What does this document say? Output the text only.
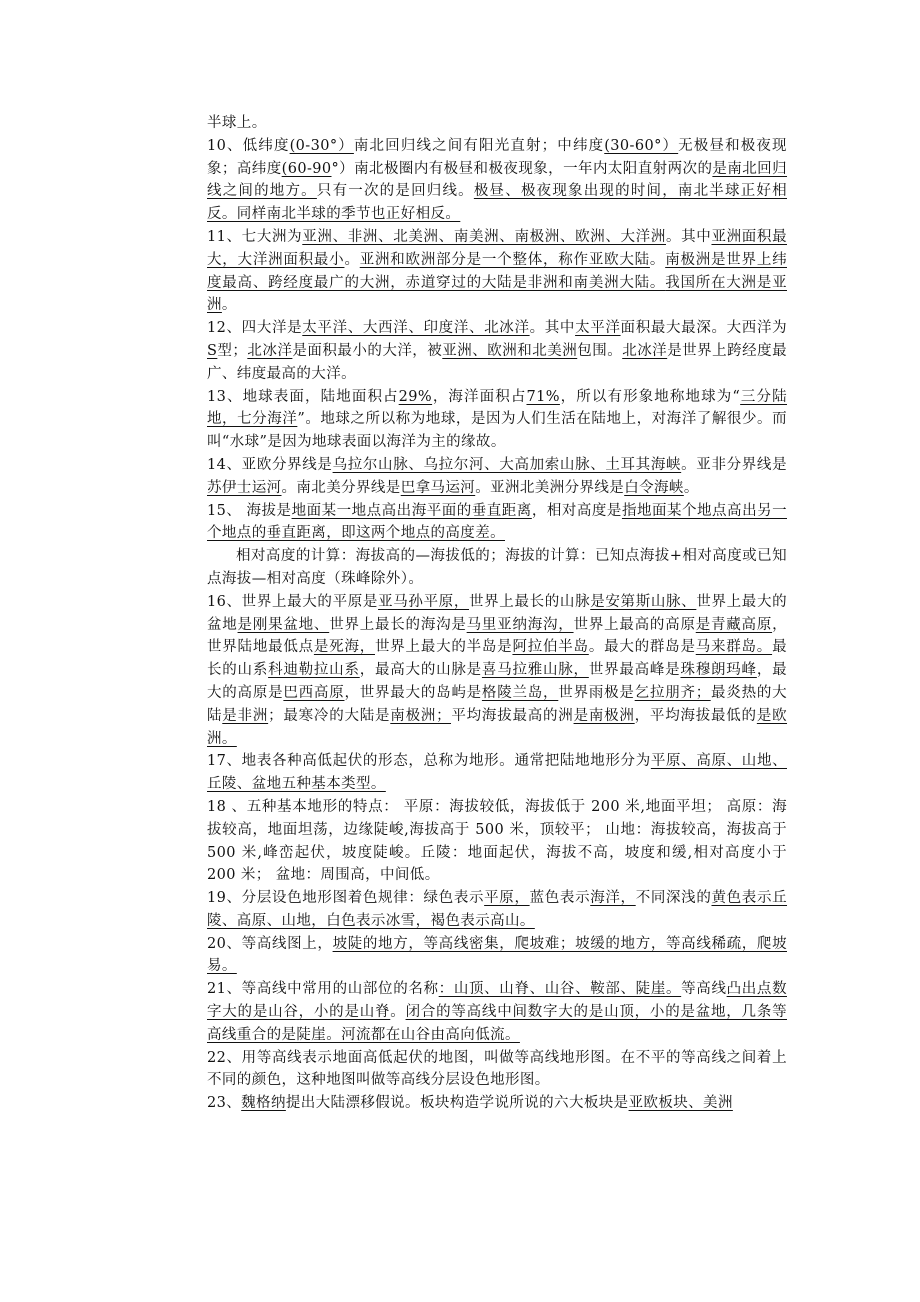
半球上。

10、低纬度(0-30°）南北回归线之间有阳光直射；中纬度(30-60°）无极昼和极夜现象；高纬度(60-90°）南北极圈内有极昼和极夜现象，一年内太阳直射两次的是南北回归线之间的地方。只有一次的是回归线。极昼、极夜现象出现的时间，南北半球正好相反。同样南北半球的季节也正好相反。

11、七大洲为亚洲、非洲、北美洲、南美洲、南极洲、欧洲、大洋洲。其中亚洲面积最大，大洋洲面积最小。亚洲和欧洲部分是一个整体，称作亚欧大陆。南极洲是世界上纬度最高、跨经度最广的大洲，赤道穿过的大陆是非洲和南美洲大陆。我国所在大洲是亚洲。

12、四大洋是太平洋、大西洋、印度洋、北冰洋。其中太平洋面积最大最深。大西洋为S型；北冰洋是面积最小的大洋，被亚洲、欧洲和北美洲包围。北冰洋是世界上跨经度最广、纬度最高的大洋。

13、地球表面，陆地面积占29%，海洋面积占71%，所以有形象地称地球为“三分陆地，七分海洋”。地球之所以称为地球，是因为人们生活在陆地上，对海洋了解很少。而叫“水球”是因为地球表面以海洋为主的缘故。

14、亚欧分界线是乌拉尔山脉、乌拉尔河、大高加索山脉、土耳其海峡。亚非分界线是苏伊士运河。南北美分界线是巴拿马运河。亚洲北美洲分界线是白令海峡。

15、 海拔是地面某一地点高出海平面的垂直距离，相对高度是指地面某个地点高出另一个地点的垂直距离，即这两个地点的高度差。

相对高度的计算：海拔高的—海拔低的；海拔的计算：已知点海拔+相对高度或已知点海拔—相对高度（珠峰除外）。

16、世界上最大的平原是亚马孙平原，世界上最长的山脉是安第斯山脉、世界上最大的盆地是刚果盆地、世界上最长的海沟是马里亚纳海沟，世界上最高的高原是青藏高原，世界陆地最低点是死海，世界上最大的半岛是阿拉伯半岛。最大的群岛是马来群岛。最长的山系科迪勒拉山系，最高大的山脉是喜马拉雅山脉，世界最高峰是珠穆朗玛峰，最大的高原是巴西高原，世界最大的岛屿是格陵兰岛，世界雨极是乞拉朋齐；最炎热的大陆是非洲；最寒冷的大陆是南极洲；平均海拔最高的洲是南极洲，平均海拔最低的是欧洲。

17、地表各种高低起伏的形态，总称为地形。通常把陆地地形分为平原、高原、山地、丘陵、盆地五种基本类型。

18 、五种基本地形的特点： 平原：海拔较低，海拔低于 200 米,地面平坦； 高原：海拔较高，地面坦荡，边缘陡峻,海拔高于 500 米，顶较平； 山地：海拔较高，海拔高于 500 米,峰峦起伏，坡度陡峻。丘陵：地面起伏，海拔不高，坡度和缓,相对高度小于 200 米； 盆地：周围高，中间低。

19、分层设色地形图着色规律：绿色表示平原，蓝色表示海洋，不同深浅的黄色表示丘陵、高原、山地，白色表示冰雪，褐色表示高山。

20、等高线图上，坡陡的地方，等高线密集，爬坡难；坡缓的地方，等高线稀疏，爬坡易。

21、等高线中常用的山部位的名称：山顶、山脊、山谷、鞍部、陡崖。等高线凸出点数字大的是山谷，小的是山脊。闭合的等高线中间数字大的是山顶，小的是盆地，几条等高线重合的是陡崖。河流都在山谷由高向低流。

22、用等高线表示地面高低起伏的地图，叫做等高线地形图。在不平的等高线之间着上不同的颜色，这种地图叫做等高线分层设色地形图。

23、魏格纳提出大陆漂移假说。板块构造学说所说的六大板块是亚欧板块、美洲
